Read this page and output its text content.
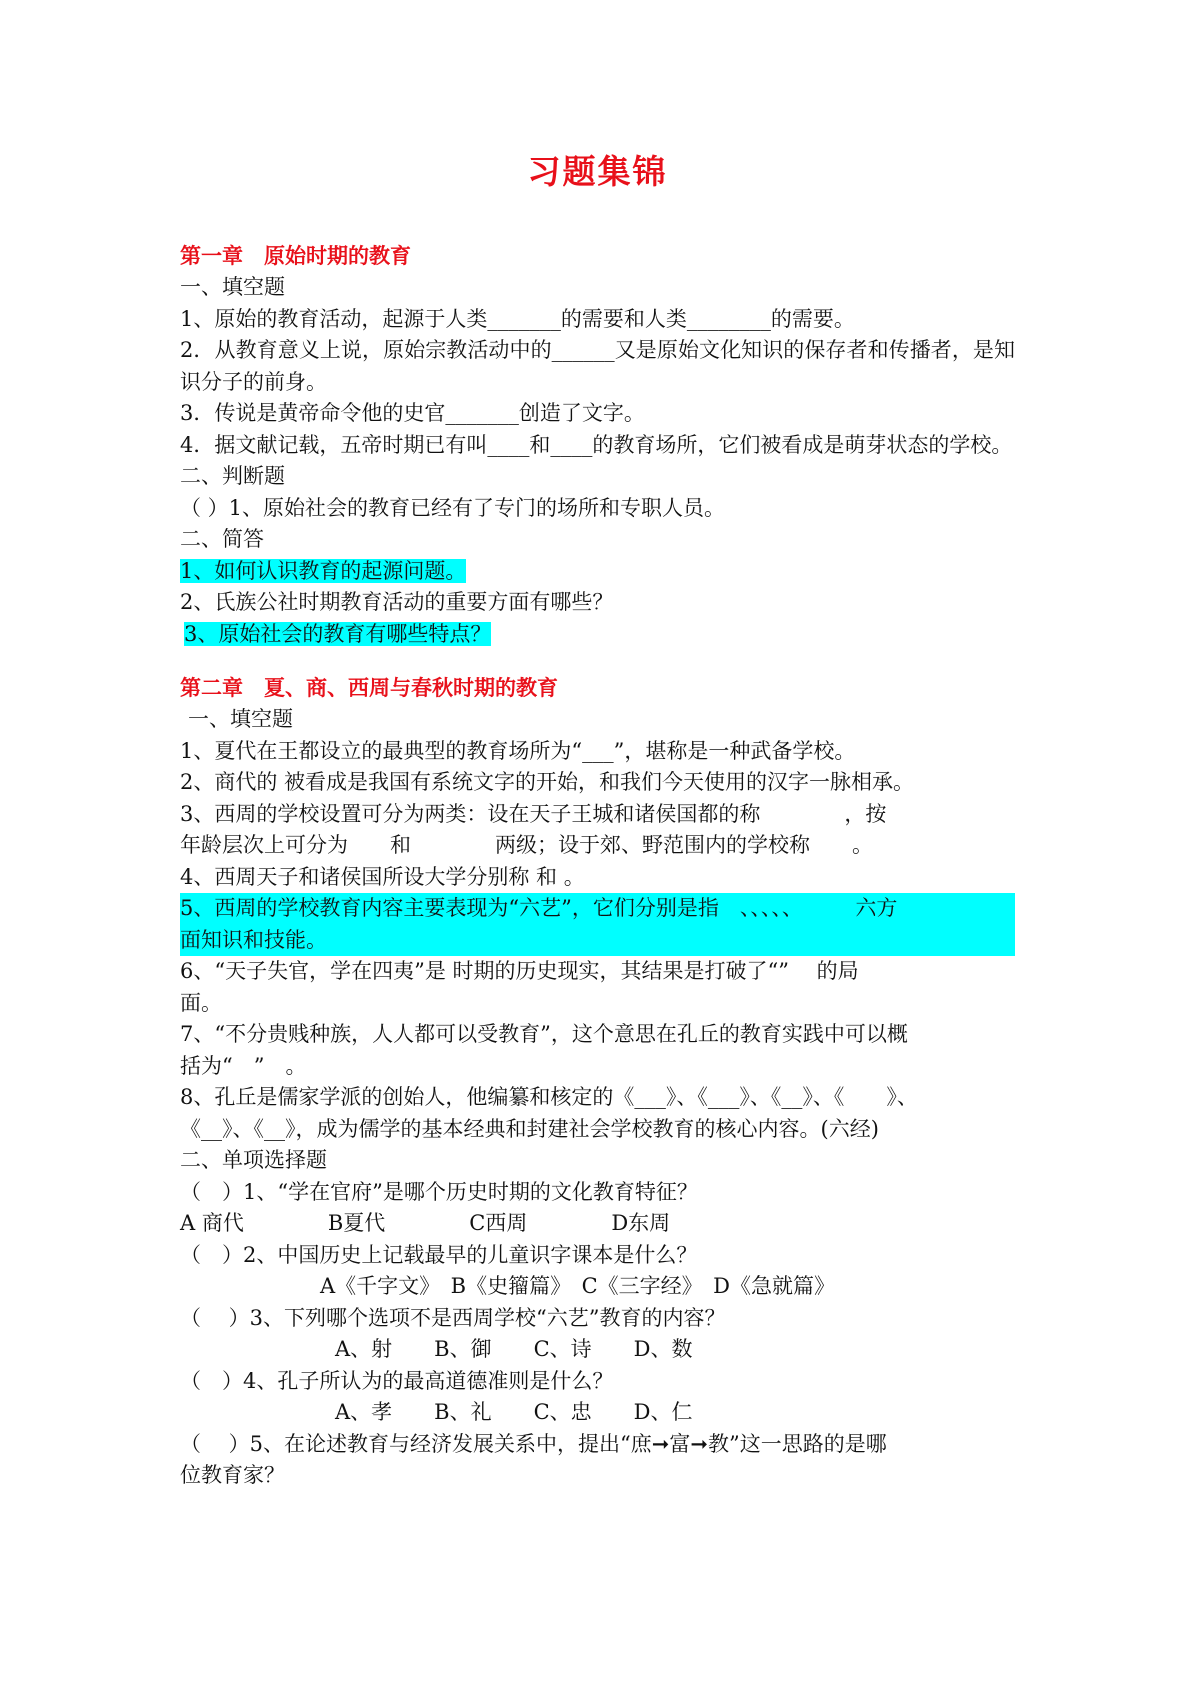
习题集锦
第一章　原始时期的教育
一、填空题
1、原始的教育活动，起源于人类_______的需要和人类________的需要。
2．从教育意义上说，原始宗教活动中的______又是原始文化知识的保存者和传播者，是知识分子的前身。
3．传说是黄帝命令他的史官_______创造了文字。
4．据文献记载，五帝时期已有叫____和____的教育场所，它们被看成是萌芽状态的学校。
二、判断题
（ ）1、原始社会的教育已经有了专门的场所和专职人员。
二、简答
1、如何认识教育的起源问题。
2、氏族公社时期教育活动的重要方面有哪些？
3、原始社会的教育有哪些特点？
第二章　夏、商、西周与春秋时期的教育
一、填空题
1、夏代在王都设立的最典型的教育场所为“___”，堪称是一种武备学校。
2、商代的 被看成是我国有系统文字的开始，和我们今天使用的汉字一脉相承。
3、西周的学校设置可分为两类：设在天子王城和诸侯国都的称　　　　，按
年龄层次上可分为　　和　　　　两级；设于郊、野范围内的学校称　　。
4、西周天子和诸侯国所设大学分别称 和 。
5、西周的学校教育内容主要表现为“六艺”，它们分别是指　、、、、、　　　六方
面知识和技能。
6、“天子失官，学在四夷”是 时期的历史现实，其结果是打破了“”　 的局
面。
7、“不分贵贱种族，人人都可以受教育”，这个意思在孔丘的教育实践中可以概
括为“　”　。
8、孔丘是儒家学派的创始人，他编纂和核定的《___》、《___》、《__》、《　　》、
《__》、《__》，成为儒学的基本经典和封建社会学校教育的核心内容。(六经)
二、单项选择题
（　）1、“学在官府”是哪个历史时期的文化教育特征？
A 商代　　　　B夏代　　　　C西周　　　　D东周
（　）2、中国历史上记载最早的儿童识字课本是什么？
A《千字文》　B《史籀篇》　C《三字经》　D《急就篇》
（　 ）3、下列哪个选项不是西周学校“六艺”教育的内容？
A、射　　B、御　　C、诗　　D、数
（　）4、孔子所认为的最高道德准则是什么？
A、孝　　B、礼　　C、忠　　D、仁
（　 ）5、在论述教育与经济发展关系中，提出“庶➞富➞教”这一思路的是哪
位教育家？
